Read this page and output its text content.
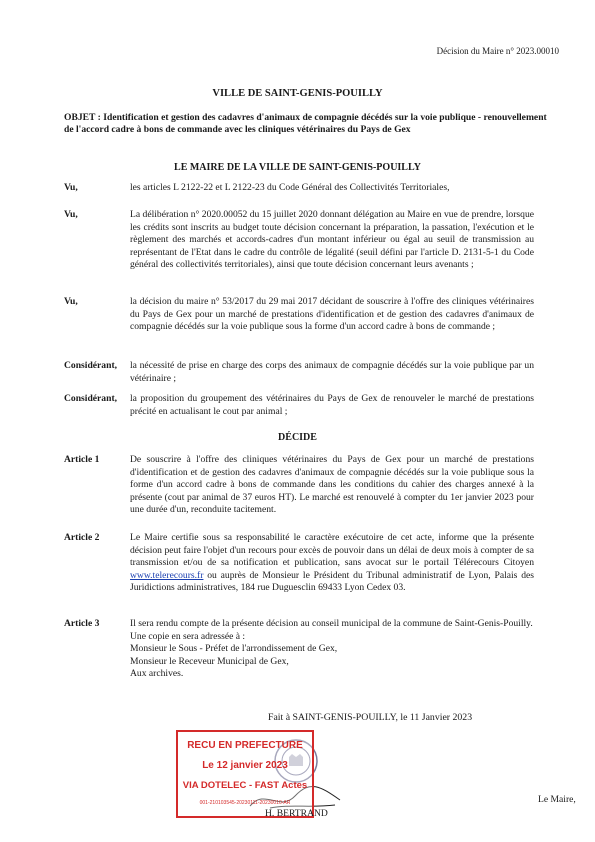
Décision du Maire n° 2023.00010
VILLE DE SAINT-GENIS-POUILLY
OBJET : Identification et gestion des cadavres d'animaux de compagnie décédés sur la voie publique - renouvellement de l'accord cadre à bons de commande avec les cliniques vétérinaires du Pays de Gex
LE MAIRE DE LA VILLE DE SAINT-GENIS-POUILLY
Vu,	les articles L 2122-22 et L 2122-23 du Code Général des Collectivités Territoriales,
Vu,	La délibération n° 2020.00052 du 15 juillet 2020 donnant délégation au Maire en vue de prendre, lorsque les crédits sont inscrits au budget toute décision concernant la préparation, la passation, l'exécution et le règlement des marchés et accords-cadres d'un montant inférieur ou égal au seuil de transmission au représentant de l'Etat dans le cadre du contrôle de légalité (seuil défini par l'article D. 2131-5-1 du Code général des collectivités territoriales), ainsi que toute décision concernant leurs avenants ;
Vu,	la décision du maire n° 53/2017 du 29 mai 2017 décidant de souscrire à l'offre des cliniques vétérinaires du Pays de Gex pour un marché de prestations d'identification et de gestion des cadavres d'animaux de compagnie décédés sur la voie publique sous la forme d'un accord cadre à bons de commande ;
Considérant,	la nécessité de prise en charge des corps des animaux de compagnie décédés sur la voie publique par un vétérinaire ;
Considérant,	la proposition du groupement des vétérinaires du Pays de Gex de renouveler le marché de prestations précité en actualisant le cout par animal ;
DÉCIDE
Article 1	De souscrire à l'offre des cliniques vétérinaires du Pays de Gex pour un marché de prestations d'identification et de gestion des cadavres d'animaux de compagnie décédés sur la voie publique sous la forme d'un accord cadre à bons de commande dans les conditions du cahier des charges annexé à la présente (cout par animal de 37 euros HT). Le marché est renouvelé à compter du 1er janvier 2023 pour une durée d'un, reconduite tacitement.
Article 2	Le Maire certifie sous sa responsabilité le caractère exécutoire de cet acte, informe que la présente décision peut faire l'objet d'un recours pour excès de pouvoir dans un délai de deux mois à compter de sa transmission et/ou de sa notification et publication, sans avocat sur le portail Télérecours Citoyen www.telerecours.fr ou auprès de Monsieur le Président du Tribunal administratif de Lyon, Palais des Juridictions administratives, 184 rue Duguesclin 69433 Lyon Cedex 03.
Article 3	Il sera rendu compte de la présente décision au conseil municipal de la commune de Saint-Genis-Pouilly.
Une copie en sera adressée à :
Monsieur le Sous - Préfet de l'arrondissement de Gex,
Monsieur le Receveur Municipal de Gex,
Aux archives.
Fait à SAINT-GENIS-POUILLY, le 11 Janvier 2023
RECU EN PREFECTURE
Le 12 janvier 2023
VIA DOTELEC - FAST Actes
001-210103545-20230111-20230010-AR	Le Maire,
H. BERTRAND
